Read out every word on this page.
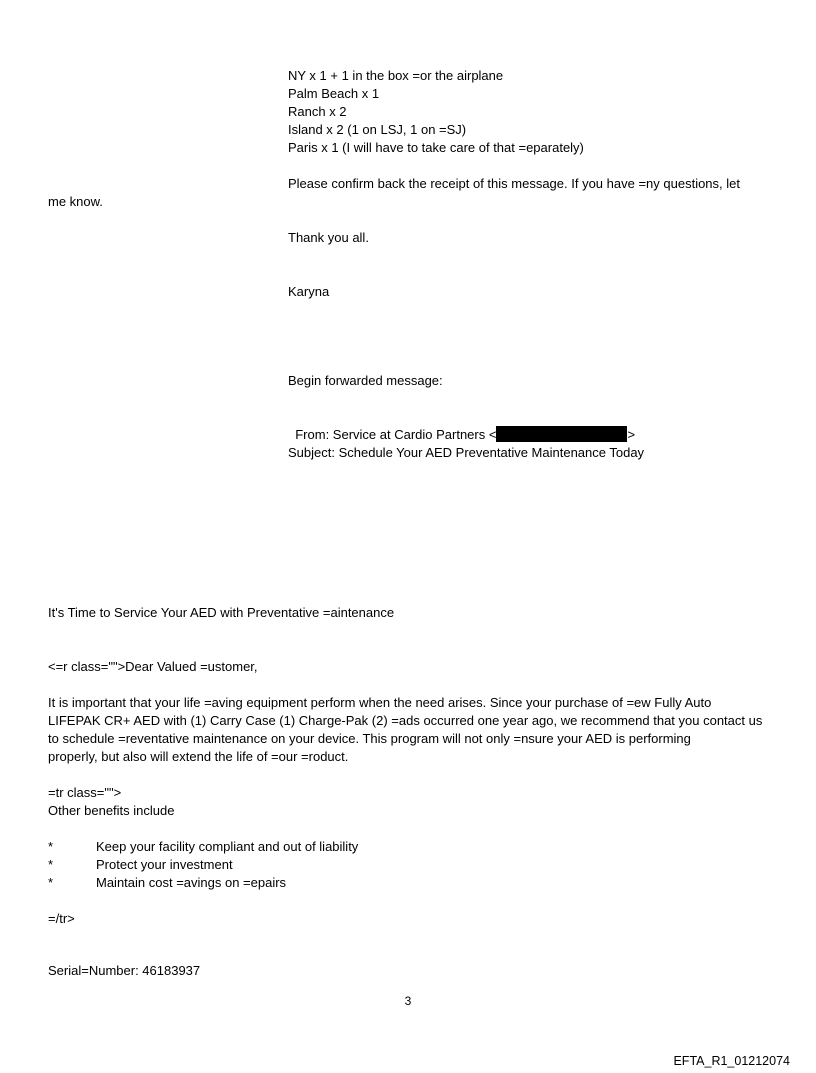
NY x 1 + 1 in the box =or the airplane
Palm Beach x 1
Ranch x 2
Island x 2 (1 on LSJ, 1 on =SJ)
Paris x 1 (I will have to take care of that =eparately)
Please confirm back the receipt of this message. If you have =ny questions, let
me know.
Thank you all.
Karyna
Begin forwarded message:

From: Service at Cardio Partners <	>

Subject: Schedule Your AED Preventative Maintenance Today
It's Time to Service Your AED with Preventative =aintenance
<=r class="">Dear Valued =ustomer,
It is important that your life =aving equipment perform when the need arises. Since your purchase of =ew Fully Auto
LIFEPAK CR+ AED with (1) Carry Case (1) Charge-Pak (2) =ads occurred one year ago, we recommend that you contact us
to schedule =reventative maintenance on your device. This program will not only =nsure your AED is performing
properly, but also will extend the life of =our =roduct.
=tr class="">
Other benefits include
*	Keep your facility compliant and out of liability
*	Protect your investment
*	Maintain cost =avings on =epairs
=/tr>
Serial=Number: 46183937
3
EFTA_R1_01212074
